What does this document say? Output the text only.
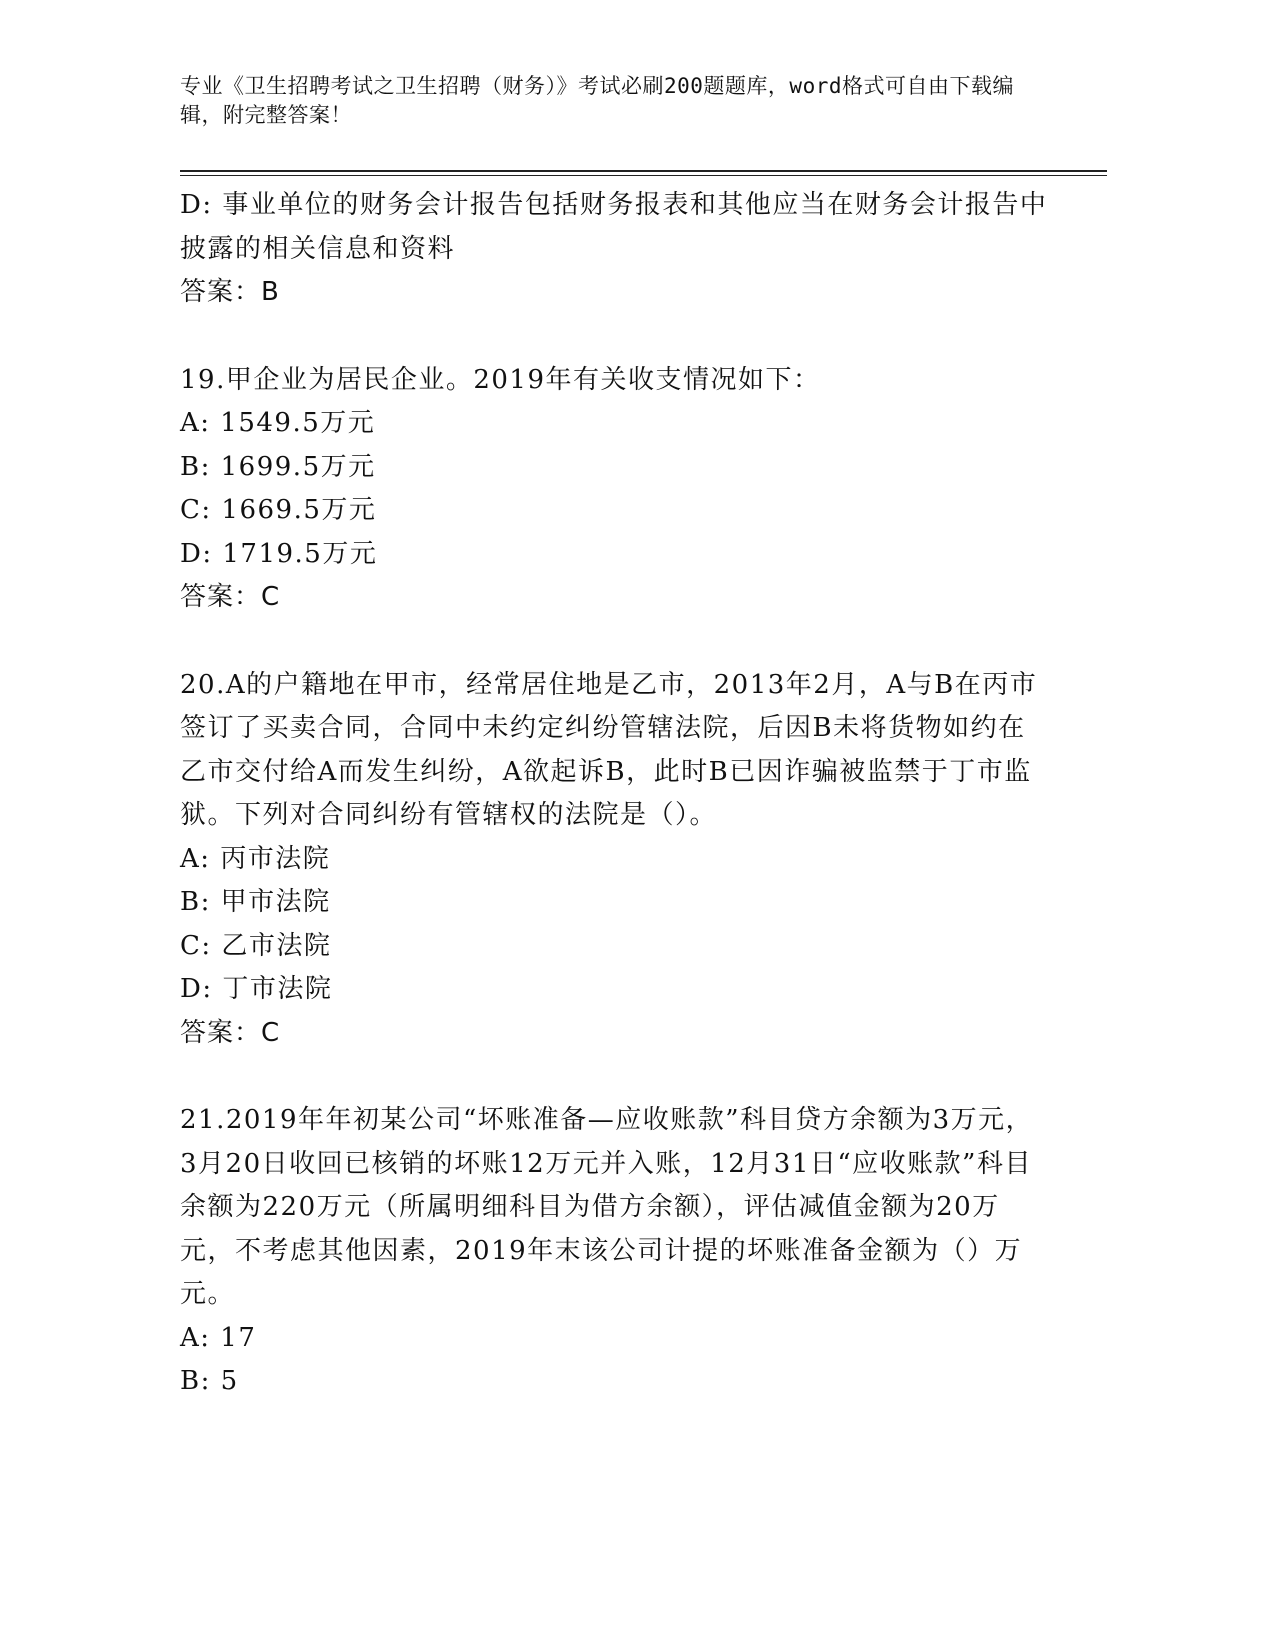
专业《卫生招聘考试之卫生招聘（财务）》考试必刷200题题库，word格式可自由下载编辑，附完整答案！

D: 事业单位的财务会计报告包括财务报表和其他应当在财务会计报告中披露的相关信息和资料

答案：B

19.甲企业为居民企业。2019年有关收支情况如下：

A: 1549.5万元

B: 1699.5万元

C: 1669.5万元

D: 1719.5万元

答案：C

20.A的户籍地在甲市，经常居住地是乙市，2013年2月，A与B在丙市签订了买卖合同，合同中未约定纠纷管辖法院，后因B未将货物如约在乙市交付给A而发生纠纷，A欲起诉B，此时B已因诈骗被监禁于丁市监狱。下列对合同纠纷有管辖权的法院是（）。

A: 丙市法院

B: 甲市法院

C: 乙市法院

D: 丁市法院

答案：C

21.2019年年初某公司“坏账准备—应收账款”科目贷方余额为3万元，3月20日收回已核销的坏账12万元并入账，12月31日“应收账款”科目余额为220万元（所属明细科目为借方余额），评估减值金额为20万元，不考虑其他因素，2019年末该公司计提的坏账准备金额为（）万元。

A: 17

B: 5
